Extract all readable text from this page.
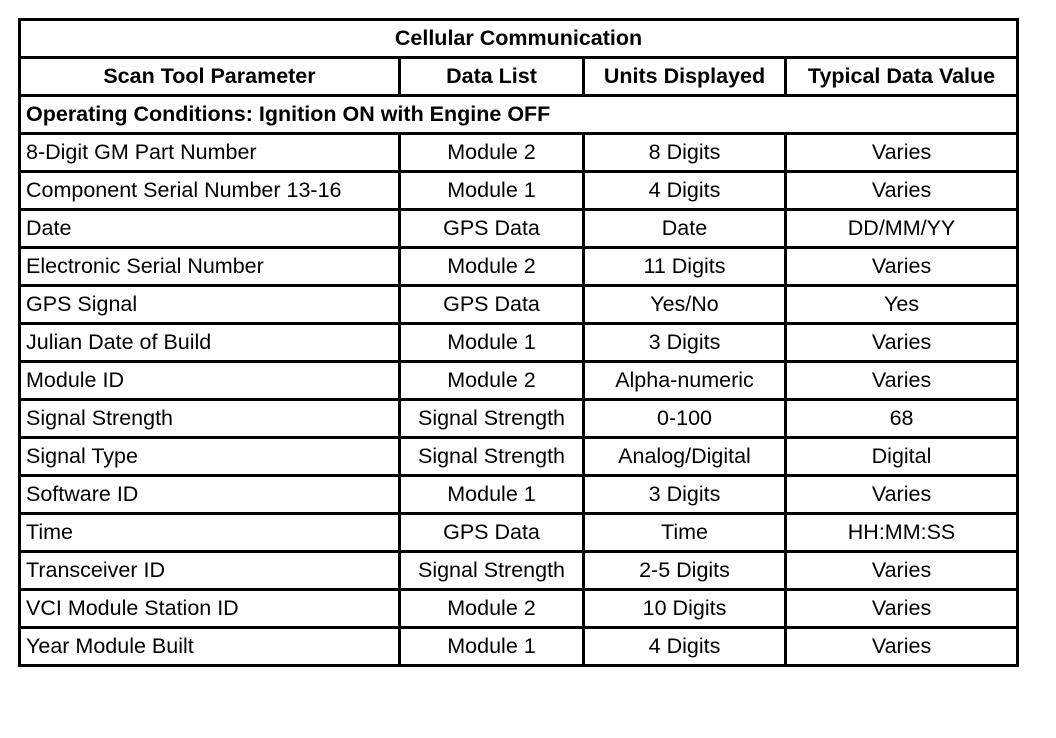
Cellular Communication			
Scan Tool Parameter	Data List	Units Displayed	Typical Data Value
Operating Conditions: Ignition ON with Engine OFF			
8-Digit GM Part Number	Module 2	8 Digits	Varies
Component Serial Number 13-16	Module 1	4 Digits	Varies
Date	GPS Data	Date	DD/MM/YY
Electronic Serial Number	Module 2	11 Digits	Varies
GPS Signal	GPS Data	Yes/No	Yes
Julian Date of Build	Module 1	3 Digits	Varies
Module ID	Module 2	Alpha-numeric	Varies
Signal Strength	Signal Strength	0-100	68
Signal Type	Signal Strength	Analog/Digital	Digital
Software ID	Module 1	3 Digits	Varies
Time	GPS Data	Time	HH:MM:SS
Transceiver ID	Signal Strength	2-5 Digits	Varies
VCI Module Station ID	Module 2	10 Digits	Varies
Year Module Built	Module 1	4 Digits	Varies
